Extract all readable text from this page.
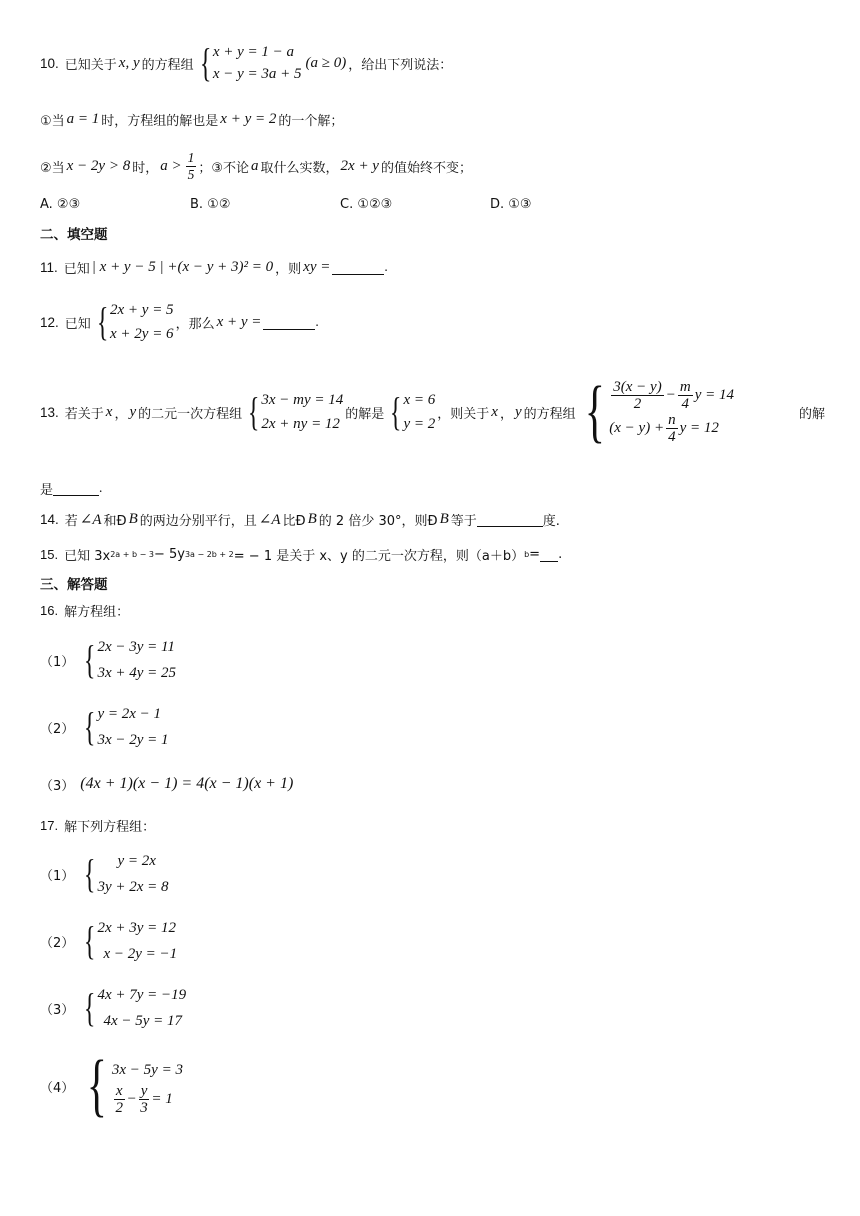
10. 已知关于 x, y 的方程组 { x + y = 1 − a
x − y = 3a + 5
(a ≥ 0) ，给出下列说法：
①当 a = 1 时，方程组的解也是 x + y = 2 的一个解；
②当 x − 2y > 8 时， $a > \frac{1}{5}$ ；③不论 a 取什么实数， 2x + y 的值始终不变；
A. ②③	B. ①②	C. ①②③	D. ①③
二、填空题
11. 已知 | x + y − 5 | +(x − y + 3)² = 0 ，则 xy =	.
12. 已知 { 2x + y = 5
x + 2y = 6
，那么 x + y =	.
13. 若关于 x ， y 的二元一次方程组 { 3x − my = 14
2x + ny = 12
的解是 { x = 6
y = 2
，则关于 x ， y 的方程组 { $\frac{3(x - y)}{2} - \frac{m}{4}$ y = 14
$(x - y) + \frac{n}{4}$ y = 12
的解
是	.
14. 若 ∠A 和Ð B 的两边分别平行，且 ∠A 比Ð B 的 2 倍少 30°，则Ð B 等于	度.
15. 已知 3x 2a + b − 3 − 5y 3a − 2b + 2 = − 1 是关于 x、y 的二元一次方程，则（a＋b） b = .
三、解答题
16. 解方程组：
（1） { 2x − 3y = 11
3x + 4y = 25
（2） { y = 2x − 1
3x − 2y = 1
（3） (4x + 1)(x − 1) = 4(x − 1)(x + 1)
17. 解下列方程组：
（1） {	y = 2x
3y + 2x = 8
（2） { 2x + 3y = 12
x − 2y = −1
（3） { 4x + 7y = −19
4x − 5y = 17
（4） { 3x − 5y = 3
$\frac{x}{2} - \frac{y}{3} = 1$
